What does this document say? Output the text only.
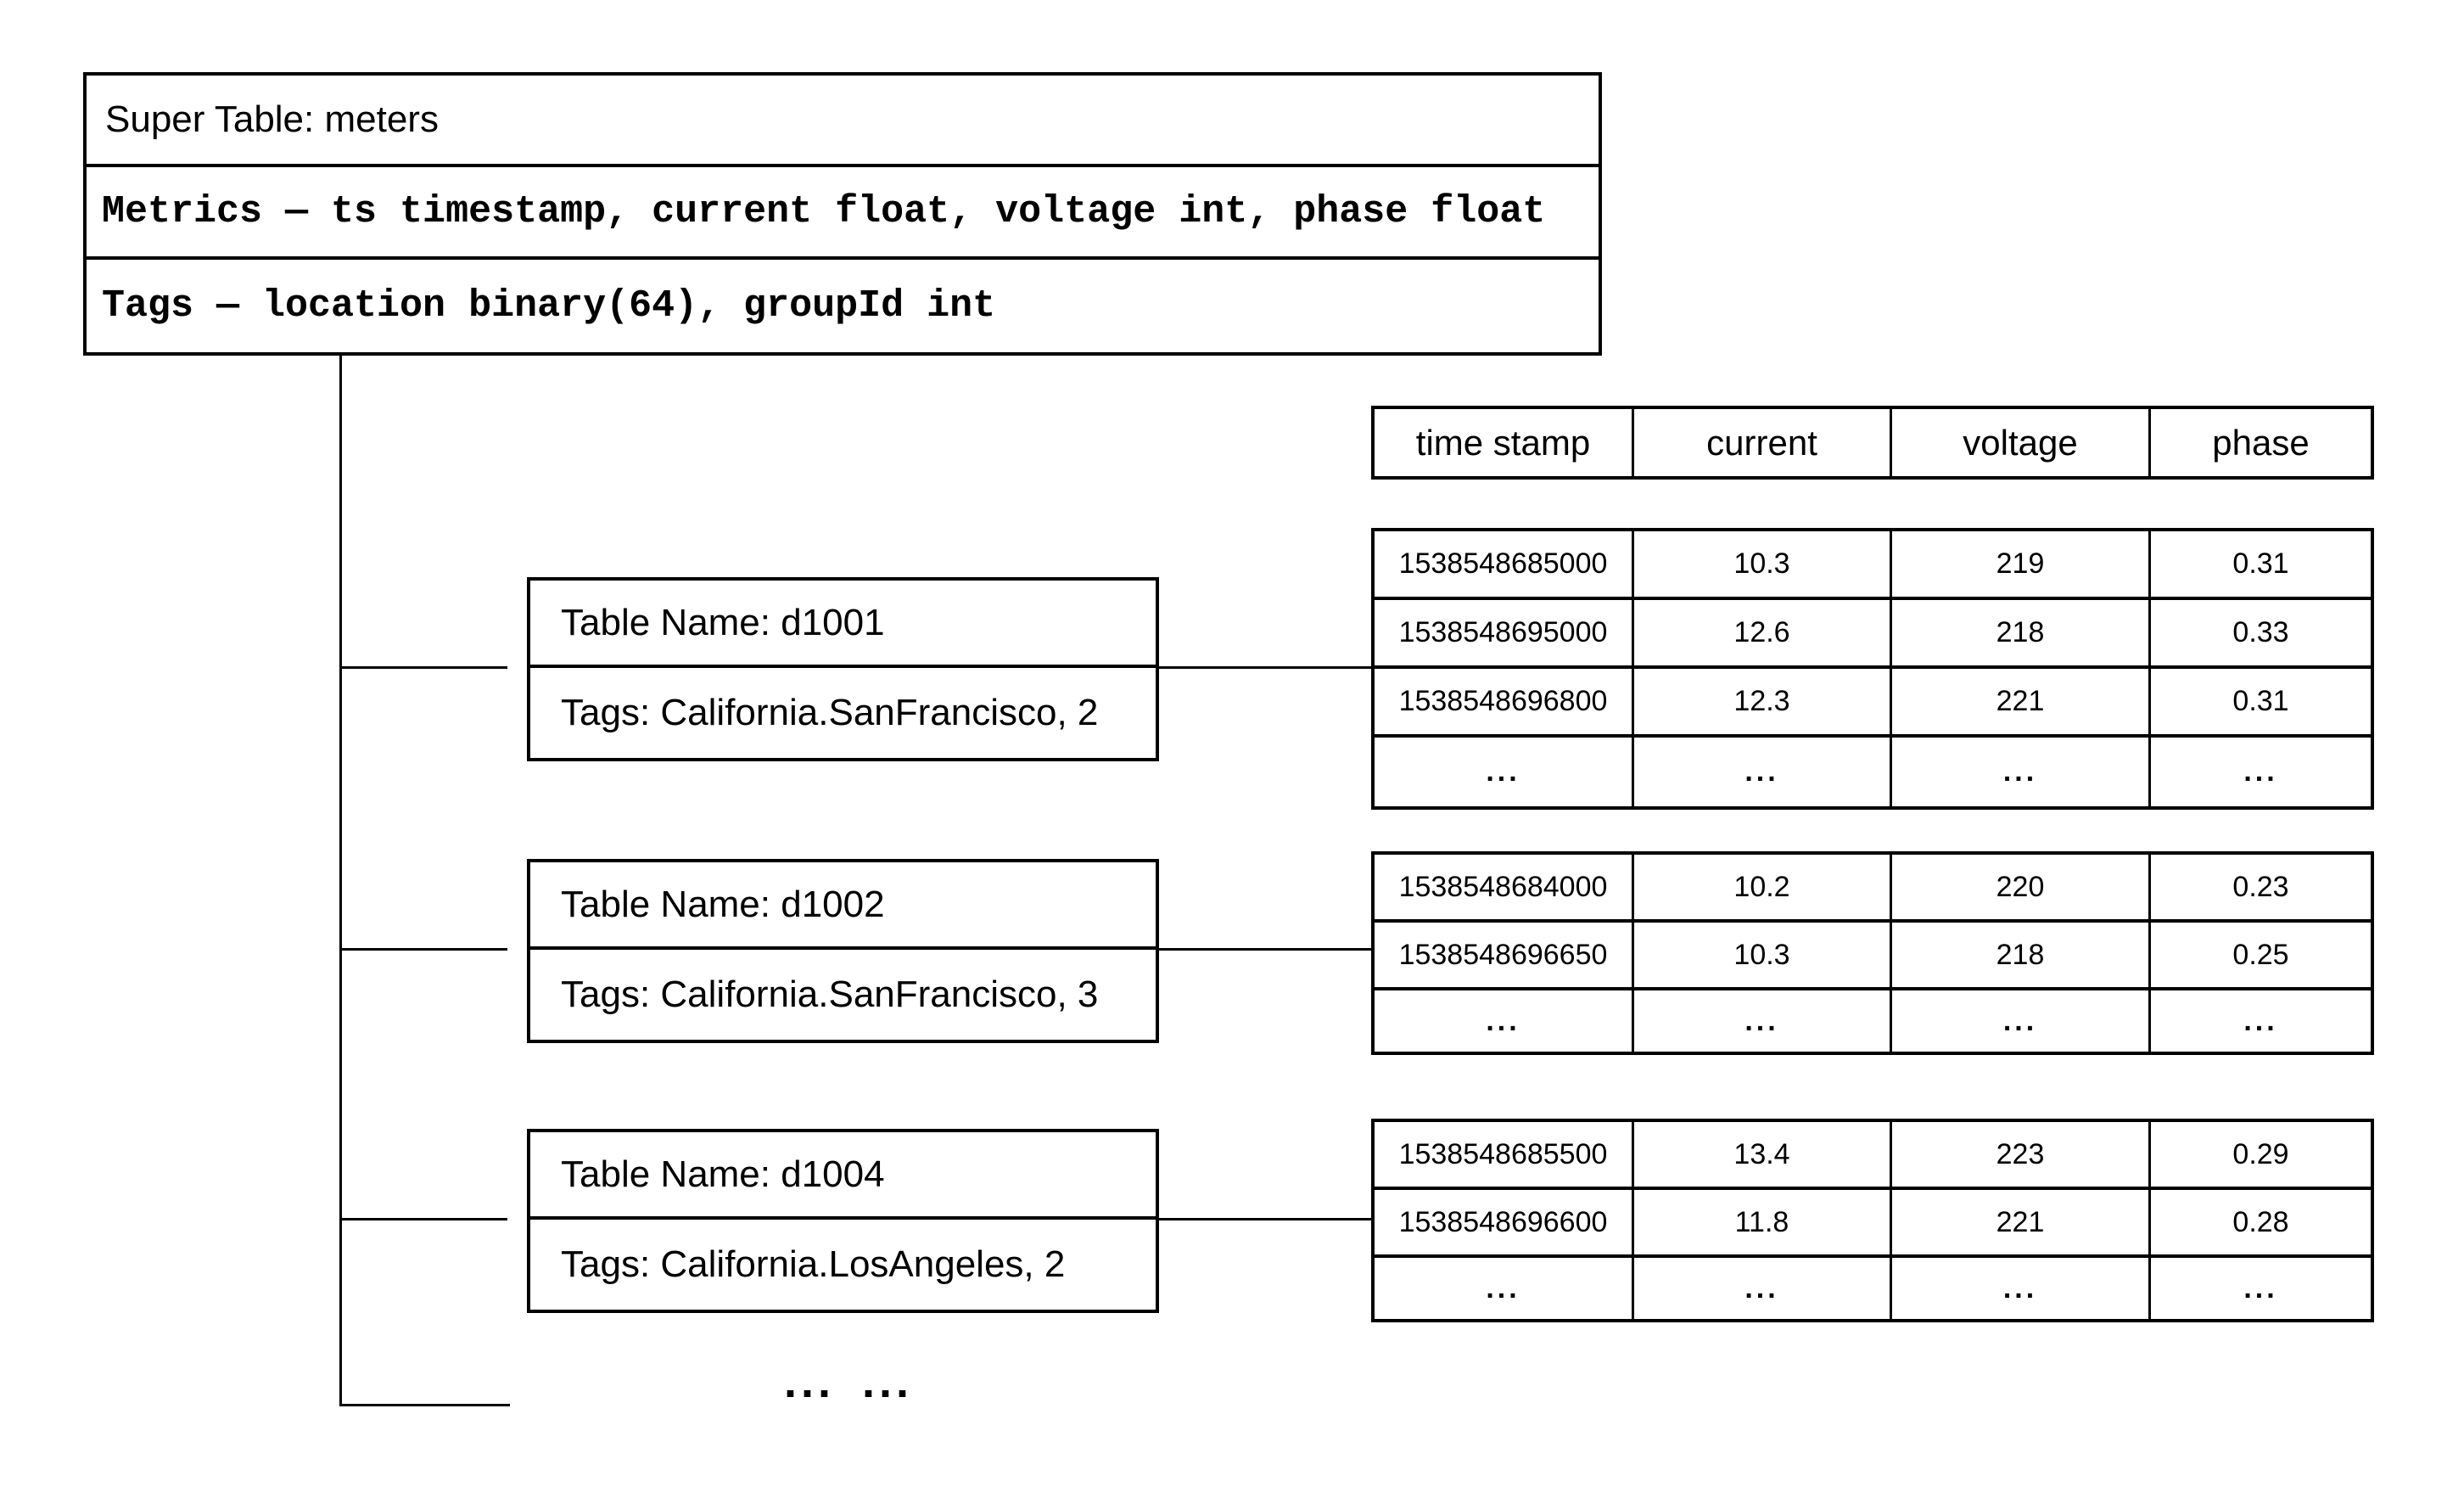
Super Table: meters
Metrics — ts timestamp, current float, voltage int, phase float
Tags — location binary(64), groupId int
Table Name: d1001
Tags: California.SanFrancisco, 2
Table Name: d1002
Tags: California.SanFrancisco, 3
Table Name: d1004
Tags: California.LosAngeles, 2
time stamp	current	voltage	phase
1538548685000	10.3	219	0.31
1538548695000	12.6	218	0.33
1538548696800	12.3	221	0.31
...	...	...	...
1538548684000	10.2	220	0.23
1538548696650	10.3	218	0.25
...	...	...	...
1538548685500	13.4	223	0.29
1538548696600	11.8	221	0.28
...	...	...	...
... ...
